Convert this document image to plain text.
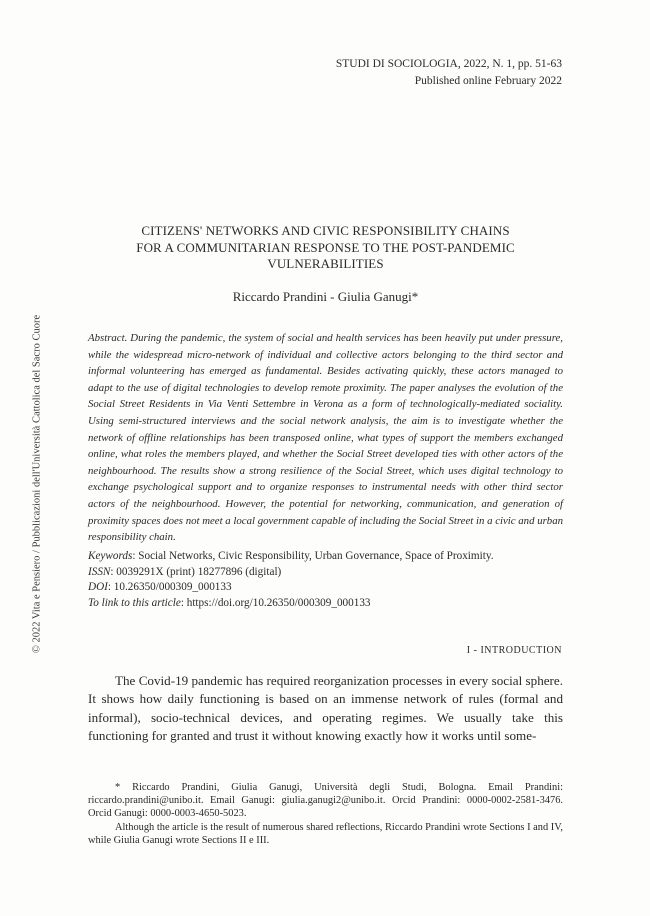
STUDI DI SOCIOLOGIA, 2022, N. 1, pp. 51-63
Published online February 2022
© 2022 Vita e Pensiero / Pubblicazioni dell'Università Cattolica del Sacro Cuore
CITIZENS' NETWORKS AND CIVIC RESPONSIBILITY CHAINS
FOR A COMMUNITARIAN RESPONSE TO THE POST-PANDEMIC
VULNERABILITIES
Riccardo Prandini - Giulia Ganugi*
Abstract. During the pandemic, the system of social and health services has been heavily put under pressure, while the widespread micro-network of individual and collective actors belonging to the third sector and informal volunteering has emerged as fundamental. Besides activating quickly, these actors managed to adapt to the use of digital technologies to develop remote proximity. The paper analyses the evolution of the Social Street Residents in Via Venti Settembre in Verona as a form of technologically-mediated sociality. Using semi-structured interviews and the social network analysis, the aim is to investigate whether the network of offline relationships has been transposed online, what types of support the members exchanged online, what roles the members played, and whether the Social Street developed ties with other actors of the neighbourhood. The results show a strong resilience of the Social Street, which uses digital technology to exchange psychological support and to organize responses to instrumental needs with other third sector actors of the neighbourhood. However, the potential for networking, communication, and generation of proximity spaces does not meet a local government capable of including the Social Street in a civic and urban responsibility chain.
Keywords: Social Networks, Civic Responsibility, Urban Governance, Space of Proximity.
ISSN: 0039291X (print) 18277896 (digital)
DOI: 10.26350/000309_000133
To link to this article: https://doi.org/10.26350/000309_000133
I - INTRODUCTION
The Covid-19 pandemic has required reorganization processes in every social sphere. It shows how daily functioning is based on an immense network of rules (formal and informal), socio-technical devices, and operating regimes. We usually take this functioning for granted and trust it without knowing exactly how it works until some-

* Riccardo Prandini, Giulia Ganugi, Università degli Studi, Bologna. Email Prandini: riccardo.prandini@unibo.it. Email Ganugi: giulia.ganugi2@unibo.it. Orcid Prandini: 0000-0002-2581-3476. Orcid Ganugi: 0000-0003-4650-5023.

Although the article is the result of numerous shared reflections, Riccardo Prandini wrote Sections I and IV, while Giulia Ganugi wrote Sections II e III.
